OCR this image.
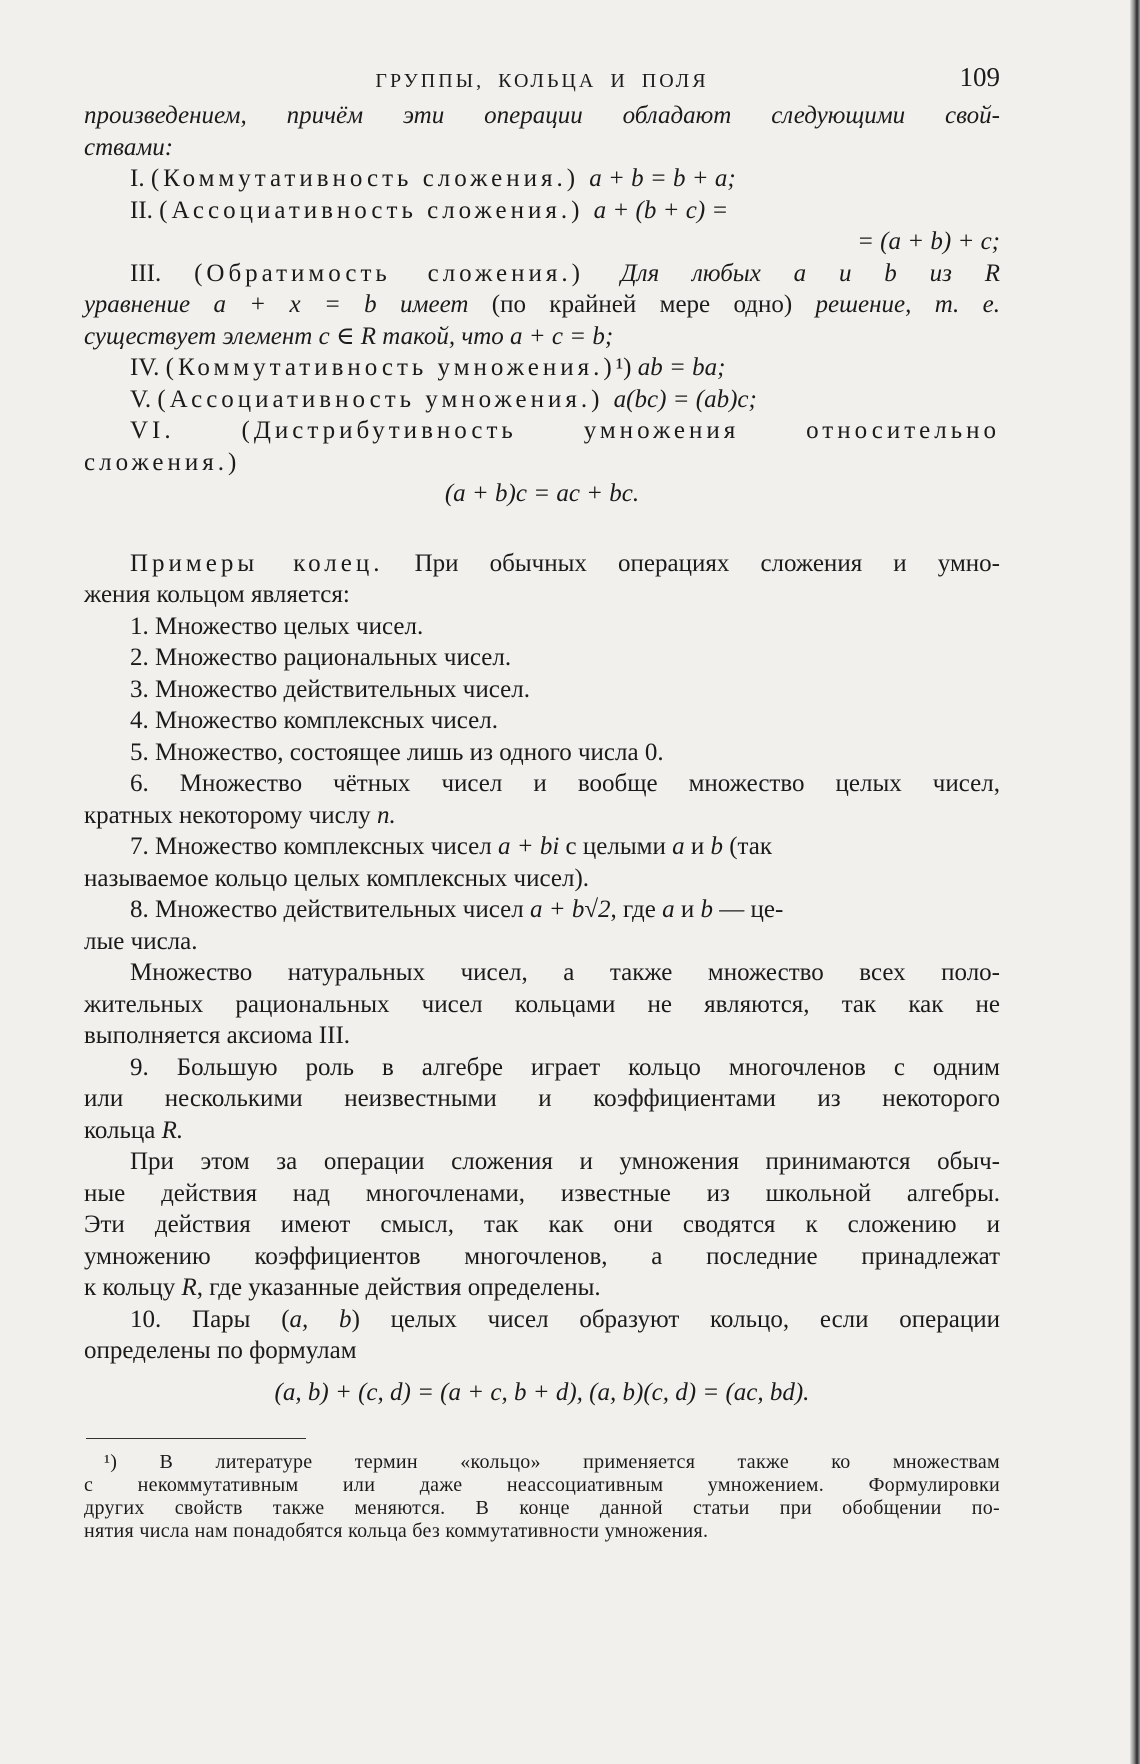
ГРУППЫ, КОЛЬЦА И ПОЛЯ	109
произведением, причём эти операции обладают следующими свой-
ствами:
I. (Коммутативность сложения.) a + b = b + a;
II. (Ассоциативность сложения.) a + (b + c) =
= (a + b) + c;
III. (Обратимость сложения.) Для любых a и b из R
уравнение a + x = b имеет (по крайней мере одно) решение, т. е.
существует элемент c ∈ R такой, что a + c = b;
IV. (Коммутативность умножения.)¹) ab = ba;
V. (Ассоциативность умножения.) a(bc) = (ab)c;
VI. (Дистрибутивность умножения относительно
сложения.)
(a + b)c = ac + bc.
Примеры колец. При обычных операциях сложения и умно-
жения кольцом является:
1. Множество целых чисел.
2. Множество рациональных чисел.
3. Множество действительных чисел.
4. Множество комплексных чисел.
5. Множество, состоящее лишь из одного числа 0.
6. Множество чётных чисел и вообще множество целых чисел,
кратных некоторому числу n.
7. Множество комплексных чисел a + bi с целыми a и b (так
называемое кольцо целых комплексных чисел).
8. Множество действительных чисел a + b√2, где a и b — це-
лые числа.
Множество натуральных чисел, а также множество всех поло-
жительных рациональных чисел кольцами не являются, так как не
выполняется аксиома III.
9. Большую роль в алгебре играет кольцо многочленов с одним
или несколькими неизвестными и коэффициентами из некоторого
кольца R.
При этом за операции сложения и умножения принимаются обыч-
ные действия над многочленами, известные из школьной алгебры.
Эти действия имеют смысл, так как они сводятся к сложению и
умножению коэффициентов многочленов, а последние принадлежат
к кольцу R, где указанные действия определены.
10. Пары (a, b) целых чисел образуют кольцо, если операции
определены по формулам
(a, b) + (c, d) = (a + c, b + d), (a, b)(c, d) = (ac, bd).
¹) В литературе термин «кольцо» применяется также ко множествам
с некоммутативным или даже неассоциативным умножением. Формулировки
других свойств также меняются. В конце данной статьи при обобщении по-
нятия числа нам понадобятся кольца без коммутативности умножения.
